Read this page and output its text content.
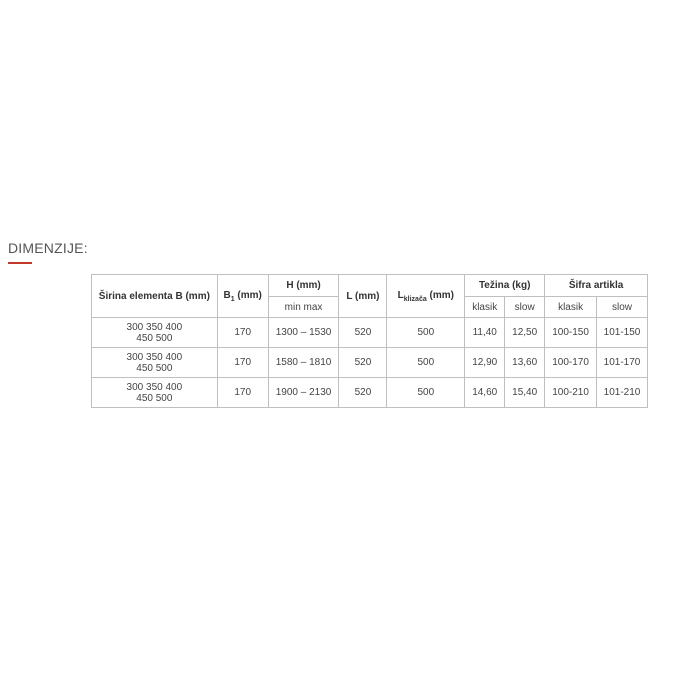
DIMENZIJE:
Širina elementa B (mm)	$B_1$ (mm)	H (mm)	L (mm)	$L_{klizača}$ (mm)	Težina (kg)		Šifra artikla	
		min max			klasik	slow	klasik	slow
300 350 400
450 500	170	1300 – 1530	520	500	11,40	12,50	100-150	101-150
300 350 400
450 500	170	1580 – 1810	520	500	12,90	13,60	100-170	101-170
300 350 400
450 500	170	1900 – 2130	520	500	14,60	15,40	100-210	101-210
